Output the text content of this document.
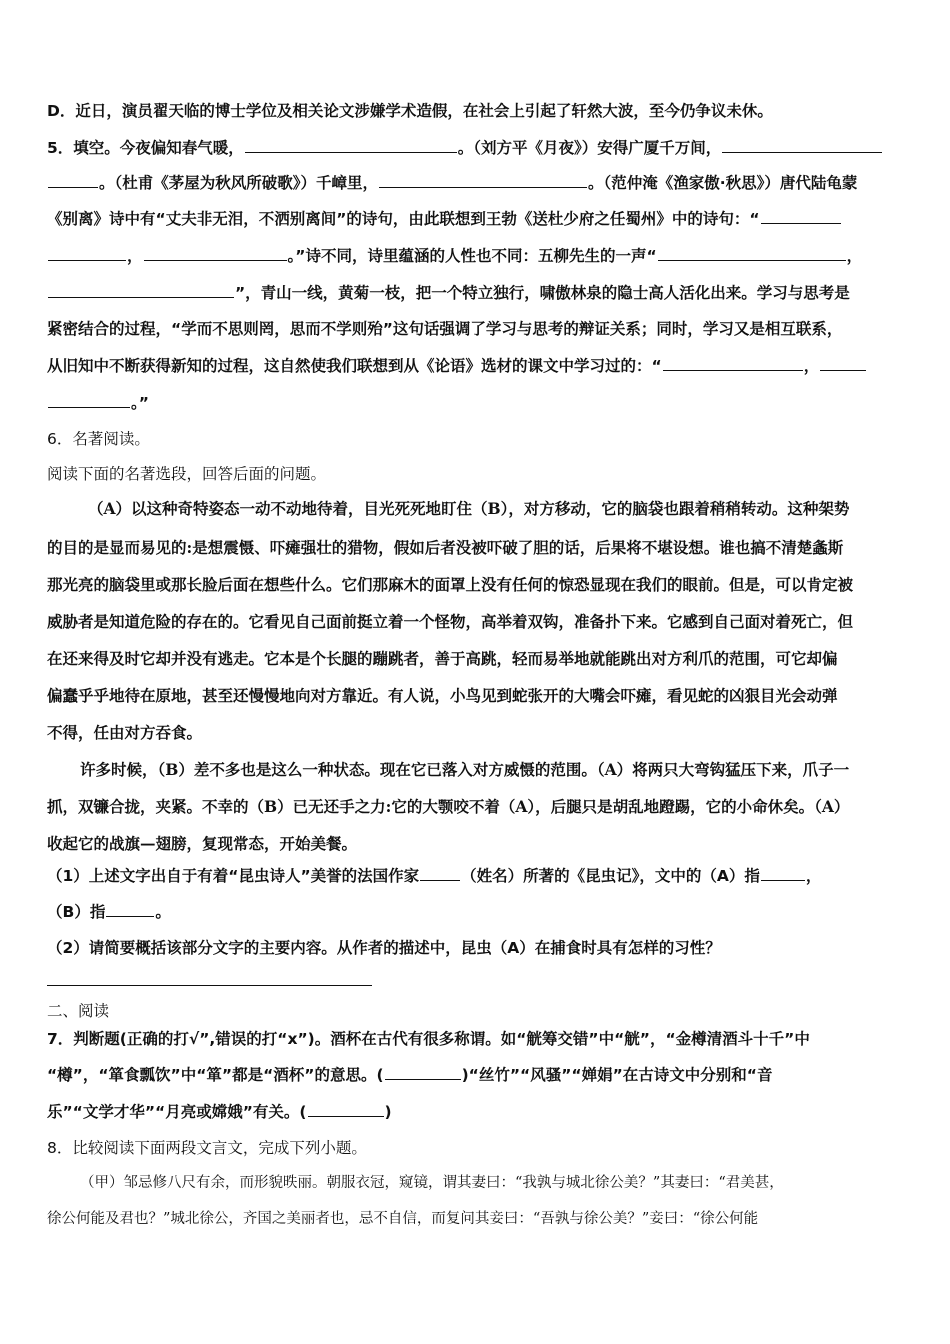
D．近日，演员翟天临的博士学位及相关论文涉嫌学术造假，在社会上引起了轩然大波，至今仍争议未休。
5．填空。今夜偏知春气暖，	。（刘方平《月夜》）安得广厦千万间，
。（杜甫《茅屋为秋风所破歌》）千嶂里，	。（范仲淹《渔家傲·秋思》）唐代陆龟蒙
《别离》诗中有“丈夫非无泪，不洒别离间”的诗句，由此联想到王勃《送杜少府之任蜀州》中的诗句：“
，	。”诗不同，诗里蕴涵的人性也不同：五柳先生的一声“	，
”，青山一线，黄菊一枝，把一个特立独行，啸傲林泉的隐士高人活化出来。学习与思考是
紧密结合的过程，“学而不思则罔，思而不学则殆”这句话强调了学习与思考的辩证关系；同时，学习又是相互联系，
从旧知中不断获得新知的过程，这自然使我们联想到从《论语》选材的课文中学习过的：“	，
。”
6．名著阅读。
阅读下面的名著选段，回答后面的问题。
（A）以这种奇特姿态一动不动地待着，目光死死地盯住（B），对方移动，它的脑袋也跟着稍稍转动。这种架势
的目的是显而易见的:是想震慑、吓瘫强壮的猎物，假如后者没被吓破了胆的话，后果将不堪设想。谁也搞不清楚螽斯
那光亮的脑袋里或那长脸后面在想些什么。它们那麻木的面罩上没有任何的惊恐显现在我们的眼前。但是，可以肯定被
威胁者是知道危险的存在的。它看见自己面前挺立着一个怪物，高举着双钩，准备扑下来。它感到自己面对着死亡，但
在还来得及时它却并没有逃走。它本是个长腿的蹦跳者，善于高跳，轻而易举地就能跳出对方利爪的范围，可它却偏
偏蠢乎乎地待在原地，甚至还慢慢地向对方靠近。有人说，小鸟见到蛇张开的大嘴会吓瘫，看见蛇的凶狠目光会动弹
不得，任由对方吞食。
许多时候，（B）差不多也是这么一种状态。现在它已落入对方威慑的范围。（A）将两只大弯钩猛压下来，爪子一
抓，双镰合拢，夹紧。不幸的（B）已无还手之力:它的大颚咬不着（A），后腿只是胡乱地蹬踢，它的小命休矣。（A）
收起它的战旗—翅膀，复现常态，开始美餐。
（1）上述文字出自于有着“昆虫诗人”美誉的法国作家	（姓名）所著的《昆虫记》，文中的（A）指	，
（B）指	。
（2）请简要概括该部分文字的主要内容。从作者的描述中，昆虫（A）在捕食时具有怎样的习性？
二、阅读
7．判断题(正确的打√”,错误的打“x”)。酒杯在古代有很多称谓。如“觥筹交错”中“觥”，“金樽清酒斗十千”中
“樽”，“箪食瓢饮”中“箪”都是“酒杯”的意思。(	)“丝竹”“风骚”“婵娟”在古诗文中分别和“音
乐”“文学才华”“月亮或嫦娥”有关。(	)
8．比较阅读下面两段文言文，完成下列小题。
（甲）邹忌修八尺有余，而形貌昳丽。朝服衣冠，窥镜，谓其妻曰：“我孰与城北徐公美？”其妻曰：“君美甚，
徐公何能及君也？”城北徐公，齐国之美丽者也，忌不自信，而复问其妾曰：“吾孰与徐公美？”妾曰：“徐公何能
